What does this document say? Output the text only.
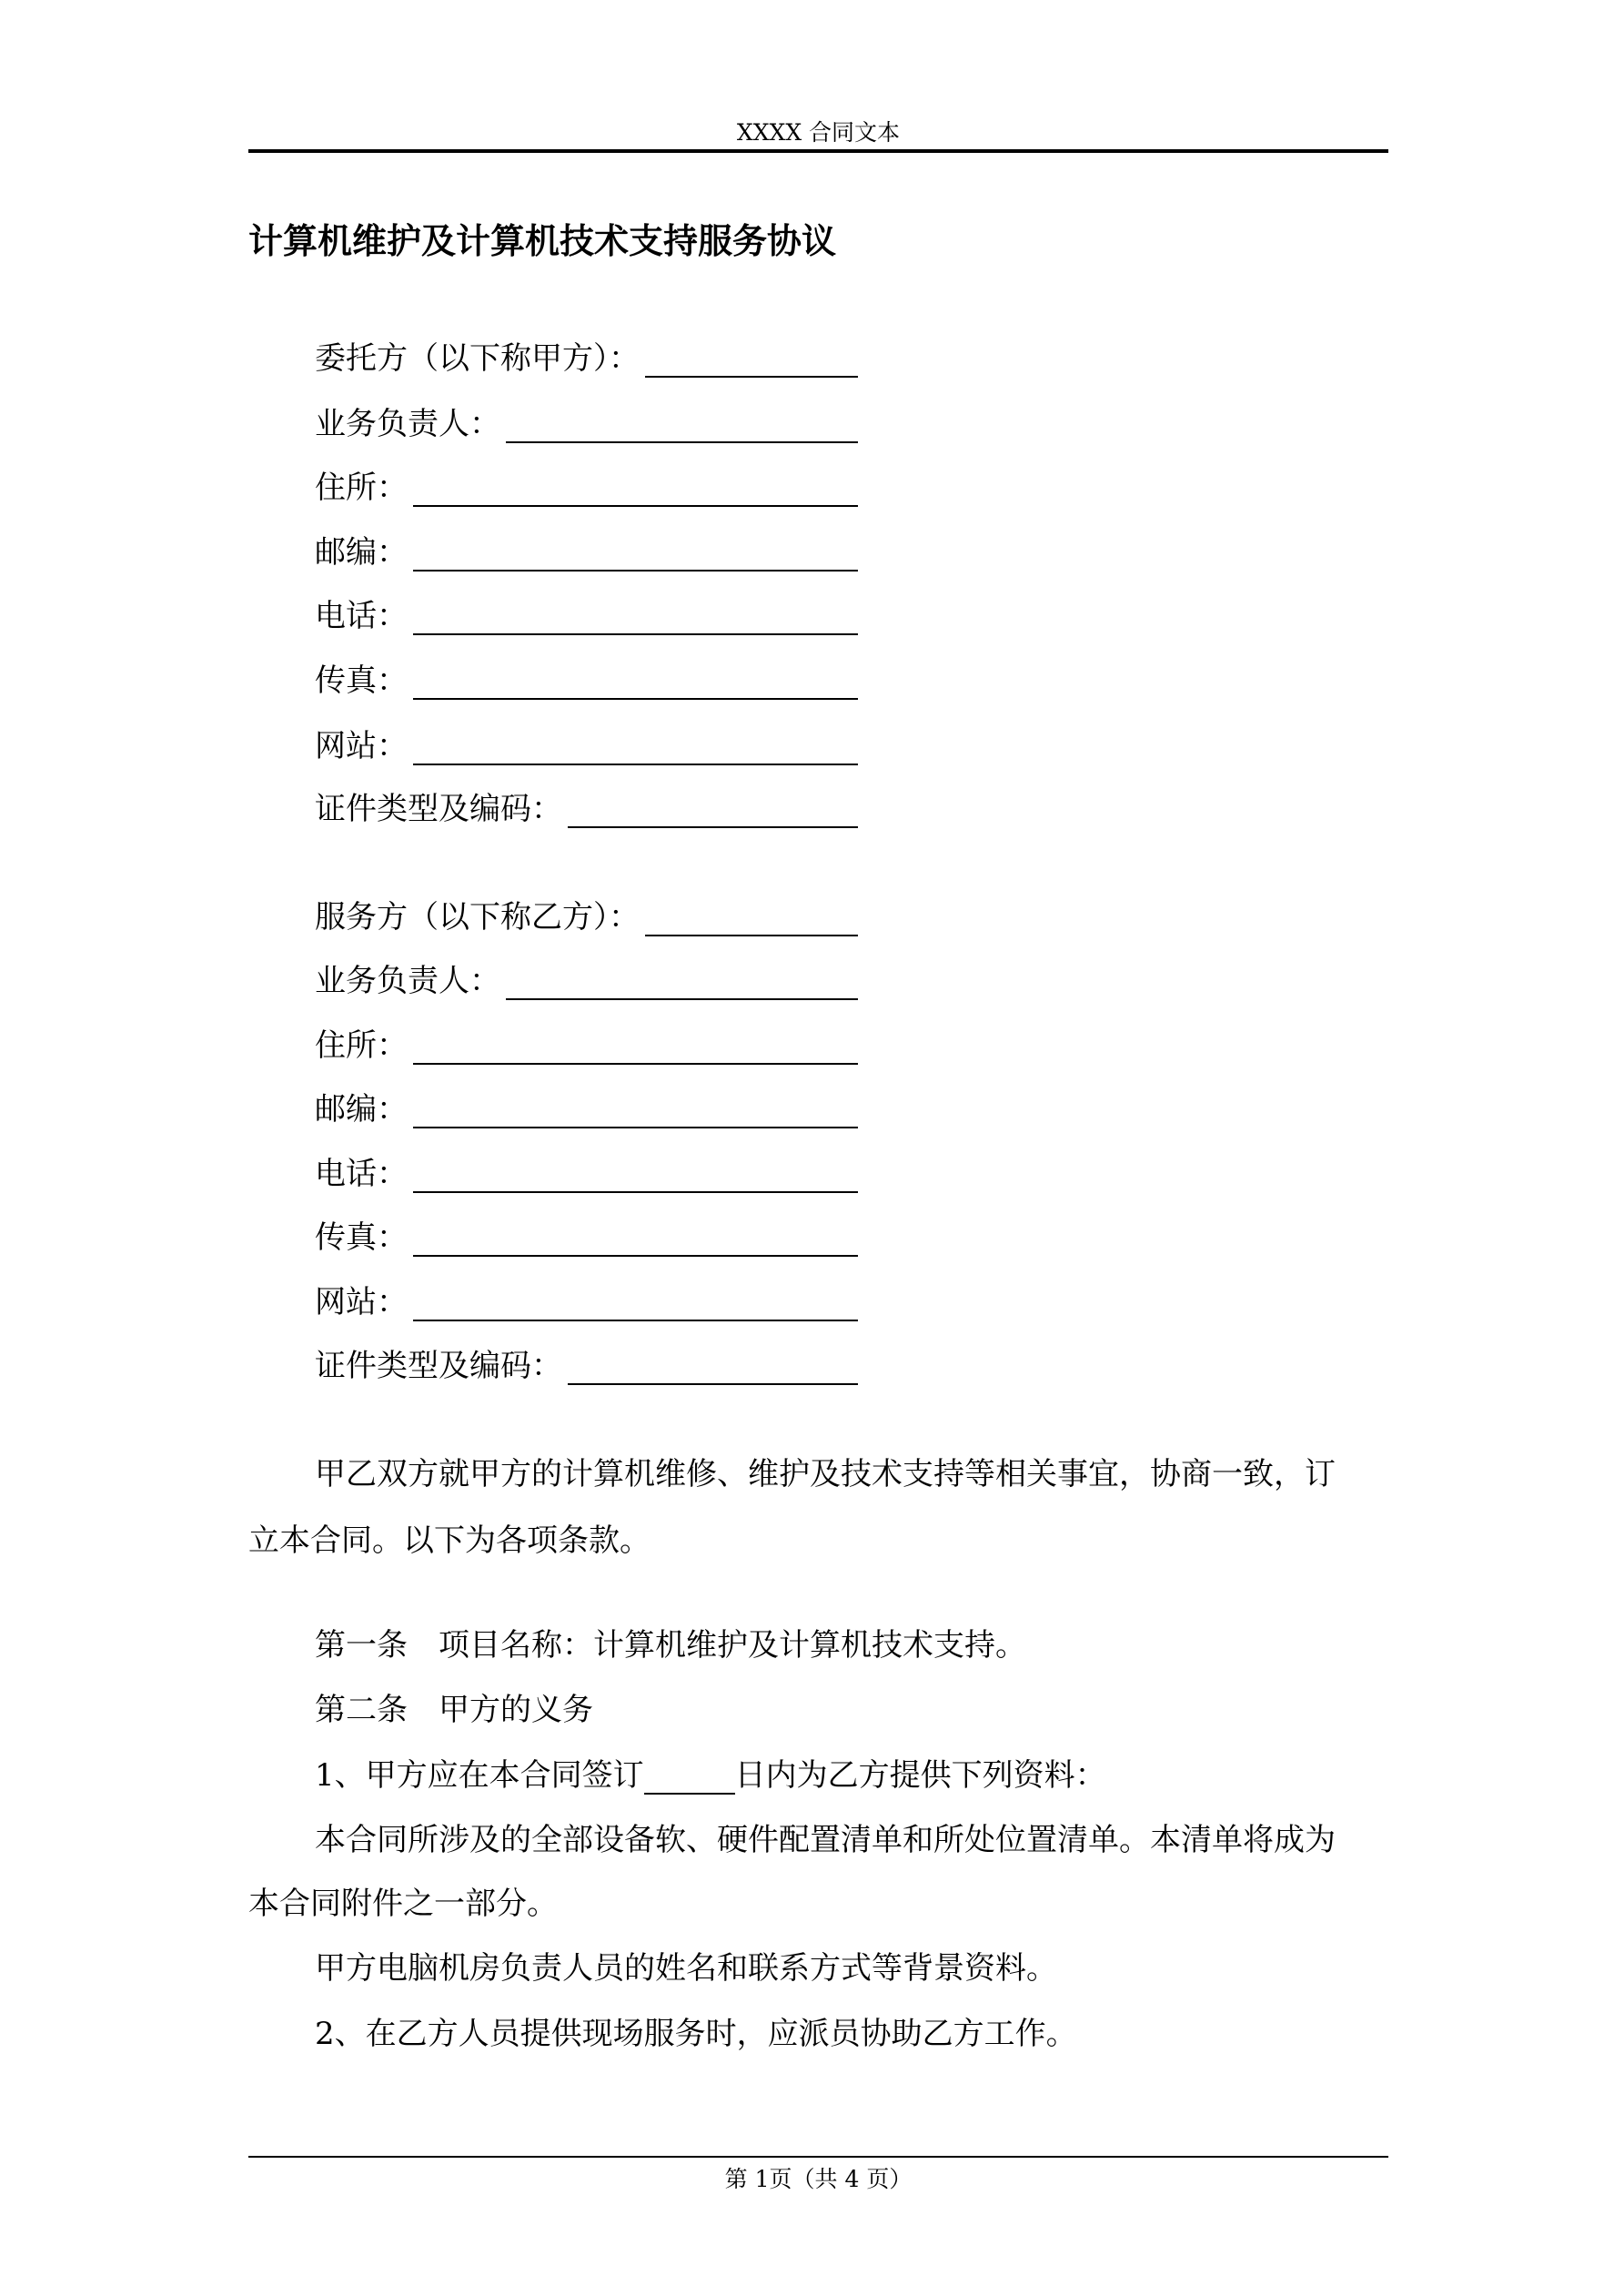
XXXX 合同文本
计算机维护及计算机技术支持服务协议
委托方（以下称甲方）：
业务负责人：
住所：
邮编：
电话：
传真：
网站：
证件类型及编码：
服务方（以下称乙方）：
业务负责人：
住所：
邮编：
电话：
传真：
网站：
证件类型及编码：
甲乙双方就甲方的计算机维修、维护及技术支持等相关事宜，协商一致，订
立本合同。以下为各项条款。
第一条　项目名称：计算机维护及计算机技术支持。
第二条　甲方的义务
1、甲方应在本合同签订	日内为乙方提供下列资料：
本合同所涉及的全部设备软、硬件配置清单和所处位置清单。本清单将成为
本合同附件之一部分。
甲方电脑机房负责人员的姓名和联系方式等背景资料。
2、在乙方人员提供现场服务时，应派员协助乙方工作。
第 1页（共 4 页）
